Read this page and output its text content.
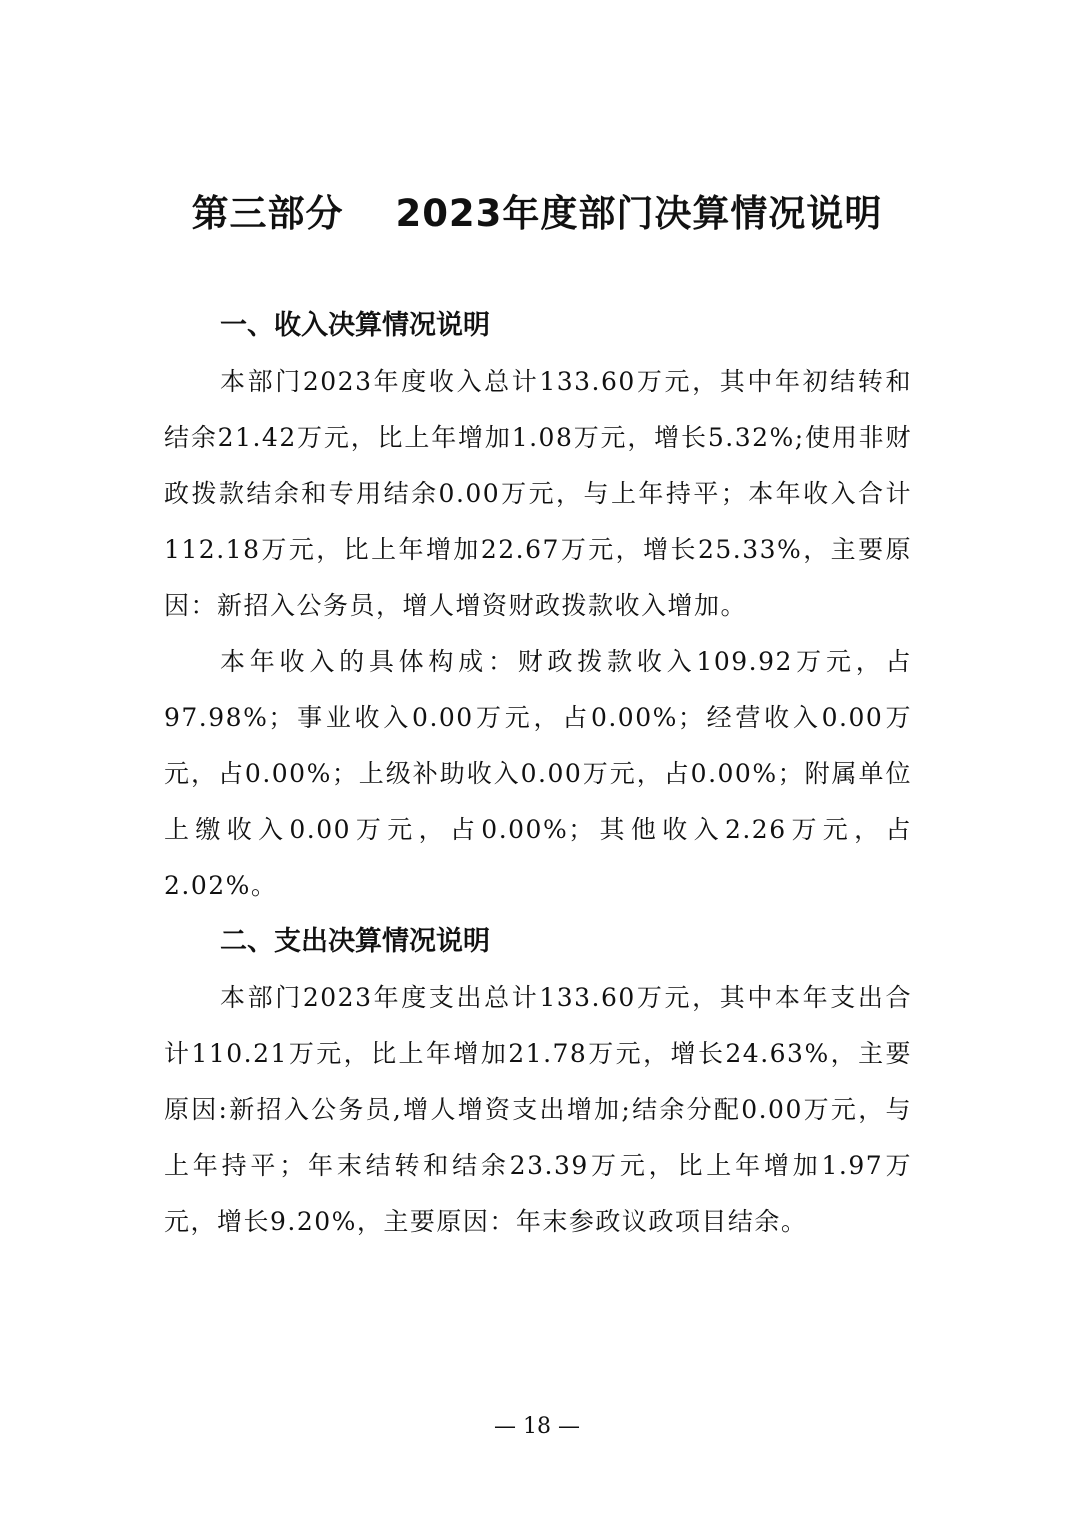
第三部分　 2023年度部门决算情况说明

一、收入决算情况说明

本部门2023年度收入总计133.60万元，其中年初结转和结余21.42万元，比上年增加1.08万元，增长5.32%;使用非财政拨款结余和专用结余0.00万元，与上年持平；本年收入合计112.18万元，比上年增加22.67万元，增长25.33%，主要原因：新招入公务员，增人增资财政拨款收入增加。

本年收入的具体构成：财政拨款收入109.92万元，占97.98%；事业收入0.00万元，占0.00%；经营收入0.00万元，占0.00%；上级补助收入0.00万元，占0.00%；附属单位上缴收入0.00万元，占0.00%；其他收入2.26万元，占2.02%。

二、支出决算情况说明

本部门2023年度支出总计133.60万元，其中本年支出合计110.21万元，比上年增加21.78万元，增长24.63%，主要原因:新招入公务员,增人增资支出增加;结余分配0.00万元，与上年持平；年末结转和结余23.39万元，比上年增加1.97万元，增长9.20%，主要原因：年末参政议政项目结余。

— 18 —
